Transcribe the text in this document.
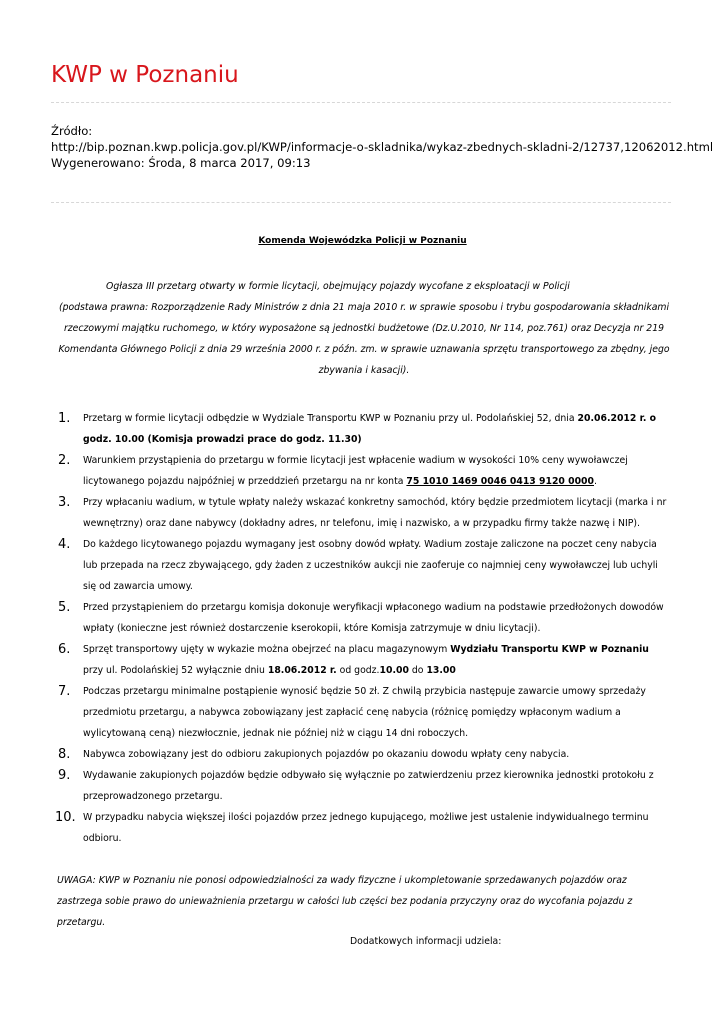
KWP w Poznaniu
Źródło:
http://bip.poznan.kwp.policja.gov.pl/KWP/informacje-o-skladnika/wykaz-zbednych-skladni-2/12737,12062012.html
Wygenerowano: Środa, 8 marca 2017, 09:13
Komenda Wojewódzka Policji w Poznaniu
Ogłasza III przetarg otwarty w formie licytacji, obejmujący pojazdy wycofane z eksploatacji w Policji
(podstawa prawna: Rozporządzenie Rady Ministrów z dnia 21 maja 2010 r. w sprawie sposobu i trybu gospodarowania składnikami rzeczowymi majątku ruchomego, w który wyposażone są jednostki budżetowe (Dz.U.2010, Nr 114, poz.761) oraz Decyzja nr 219 Komendanta Głównego Policji z dnia 29 września 2000 r. z późn. zm. w sprawie uznawania sprzętu transportowego za zbędny, jego zbywania i kasacji).
1.	Przetarg w formie licytacji odbędzie w Wydziale Transportu KWP w Poznaniu przy ul. Podolańskiej 52, dnia 20.06.2012 r. o godz. 10.00 (Komisja prowadzi prace do godz. 11.30)
2.	Warunkiem przystąpienia do przetargu w formie licytacji jest wpłacenie wadium w wysokości 10% ceny wywoławczej licytowanego pojazdu najpóźniej w przeddzień przetargu na nr konta 75 1010 1469 0046 0413 9120 0000.
3.	Przy wpłacaniu wadium, w tytule wpłaty należy wskazać konkretny samochód, który będzie przedmiotem licytacji (marka i nr wewnętrzny) oraz dane nabywcy (dokładny adres, nr telefonu, imię i nazwisko, a w przypadku firmy także nazwę i NIP).
4.	Do każdego licytowanego pojazdu wymagany jest osobny dowód wpłaty. Wadium zostaje zaliczone na poczet ceny nabycia lub przepada na rzecz zbywającego, gdy żaden z uczestników aukcji nie zaoferuje co najmniej ceny wywoławczej lub uchyli się od zawarcia umowy.
5.	Przed przystąpieniem do przetargu komisja dokonuje weryfikacji wpłaconego wadium na podstawie przedłożonych dowodów wpłaty (konieczne jest również dostarczenie kserokopii, które Komisja zatrzymuje w dniu licytacji).
6.	Sprzęt transportowy ujęty w wykazie można obejrzeć na placu magazynowym Wydziału Transportu KWP w Poznaniu przy ul. Podolańskiej 52 wyłącznie dniu 18.06.2012 r. od godz.10.00 do 13.00
7.	Podczas przetargu minimalne postąpienie wynosić będzie 50 zł. Z chwilą przybicia następuje zawarcie umowy sprzedaży przedmiotu przetargu, a nabywca zobowiązany jest zapłacić cenę nabycia (różnicę pomiędzy wpłaconym wadium a wylicytowaną ceną) niezwłocznie, jednak nie później niż w ciągu 14 dni roboczych.
8.	Nabywca zobowiązany jest do odbioru zakupionych pojazdów po okazaniu dowodu wpłaty ceny nabycia.
9.	Wydawanie zakupionych pojazdów będzie odbywało się wyłącznie po zatwierdzeniu przez kierownika jednostki protokołu z przeprowadzonego przetargu.
10. W przypadku nabycia większej ilości pojazdów przez jednego kupującego, możliwe jest ustalenie indywidualnego terminu odbioru.
UWAGA: KWP w Poznaniu nie ponosi odpowiedzialności za wady fizyczne i ukompletowanie sprzedawanych pojazdów oraz zastrzega sobie prawo do unieważnienia przetargu w całości lub części bez podania przyczyny oraz do wycofania pojazdu z przetargu.
Dodatkowych informacji udziela:
